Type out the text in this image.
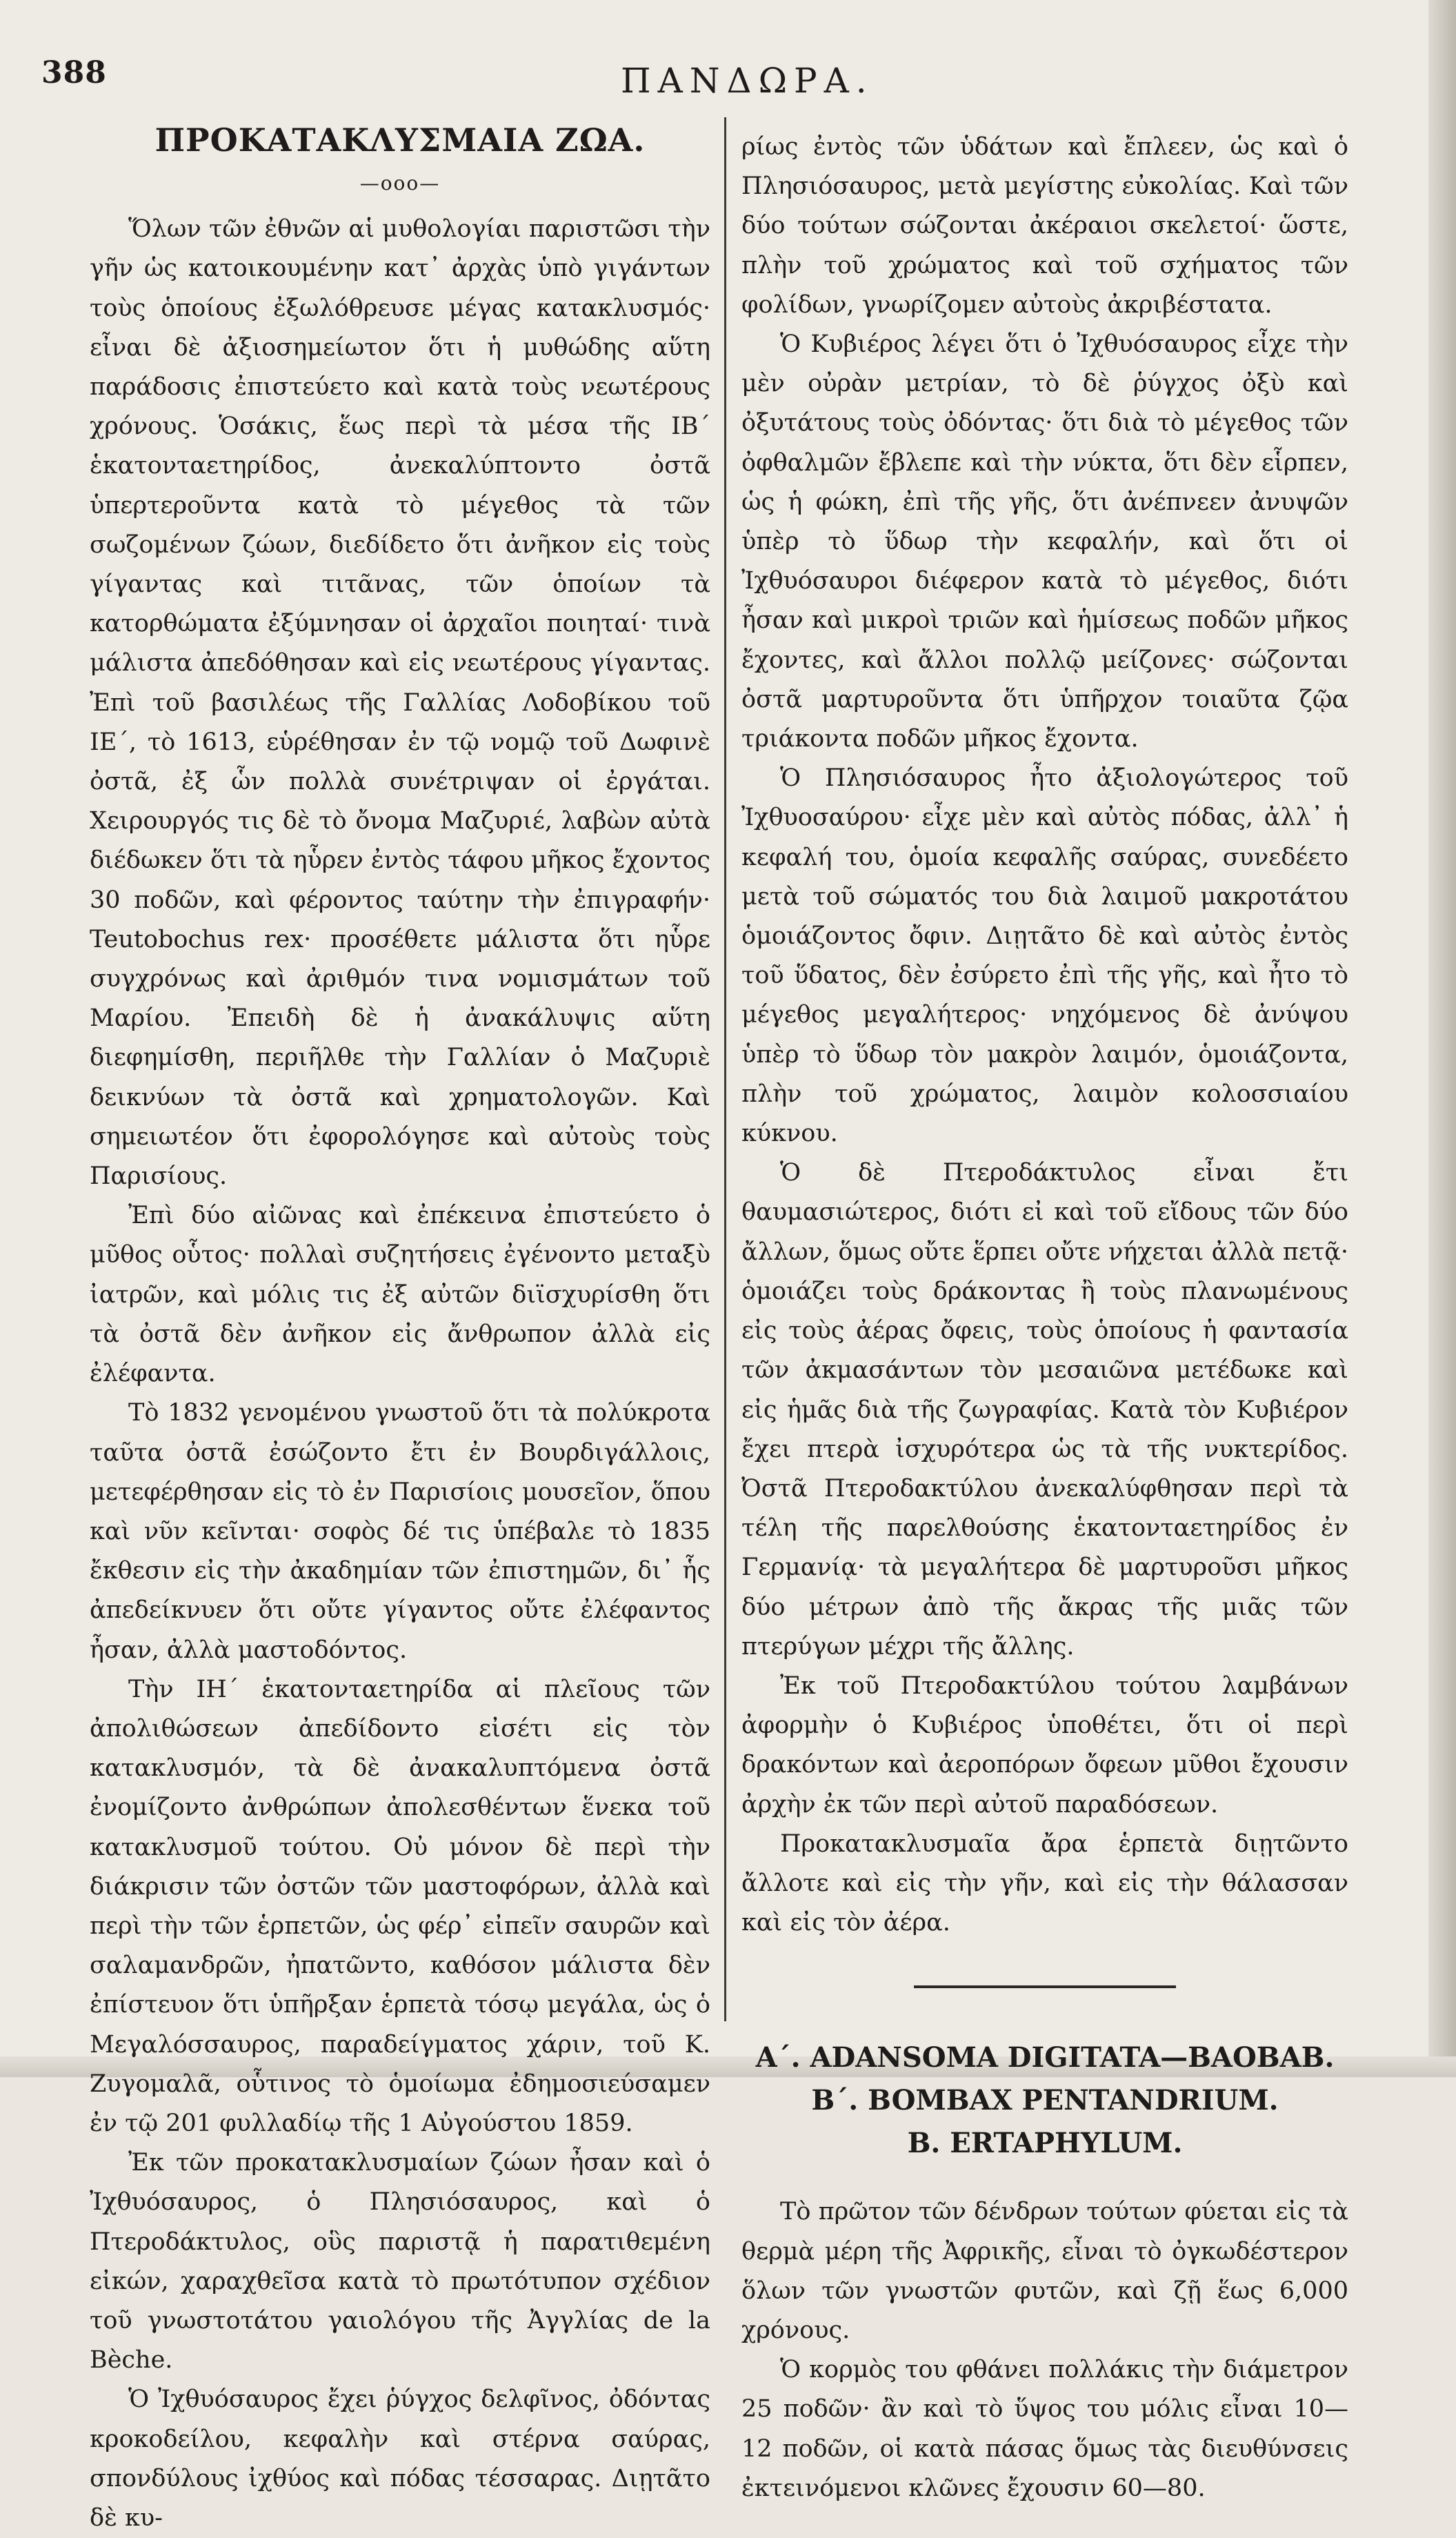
388	ΠΑΝΔΩΡΑ.
ΠΡΟΚΑΤΑΚΛΥΣΜΑΙΑ ΖΩΑ.
—οοο—

Ὅλων τῶν ἐθνῶν αἱ μυθολογίαι παριστῶσι τὴν γῆν ὡς κατοικουμένην κατ᾽ ἀρχὰς ὑπὸ γιγάντων τοὺς ὁποίους ἐξωλόθρευσε μέγας κατακλυσμός· εἶναι δὲ ἀξιοσημείωτον ὅτι ἡ μυθώδης αὕτη παράδοσις ἐπιστεύετο καὶ κατὰ τοὺς νεωτέρους χρόνους. Ὁσάκις, ἕως περὶ τὰ μέσα τῆς ΙΒ΄ ἑκατονταετηρίδος, ἀνεκαλύπτοντο ὀστᾶ ὑπερτεροῦντα κατὰ τὸ μέγεθος τὰ τῶν σωζομένων ζώων, διεδίδετο ὅτι ἀνῆκον εἰς τοὺς γίγαντας καὶ τιτᾶνας, τῶν ὁποίων τὰ κατορθώματα ἐξύμνησαν οἱ ἀρχαῖοι ποιηταί· τινὰ μάλιστα ἀπεδόθησαν καὶ εἰς νεωτέρους γίγαντας. Ἐπὶ τοῦ βασιλέως τῆς Γαλλίας Λοδοβίκου τοῦ ΙΕ΄, τὸ 1613, εὑρέθησαν ἐν τῷ νομῷ τοῦ Δωφινὲ ὀστᾶ, ἐξ ὧν πολλὰ συνέτριψαν οἱ ἐργάται. Χειρουργός τις δὲ τὸ ὄνομα Μαζυριέ, λαβὼν αὐτὰ διέδωκεν ὅτι τὰ ηὗρεν ἐντὸς τάφου μῆκος ἔχοντος 30 ποδῶν, καὶ φέροντος ταύτην τὴν ἐπιγραφήν· Teutobochus rex· προσέθετε μάλιστα ὅτι ηὗρε συγχρόνως καὶ ἀριθμόν τινα νομισμάτων τοῦ Μαρίου. Ἐπειδὴ δὲ ἡ ἀνακάλυψις αὕτη διεφημίσθη, περιῆλθε τὴν Γαλλίαν ὁ Μαζυριὲ δεικνύων τὰ ὀστᾶ καὶ χρηματολογῶν. Καὶ σημειωτέον ὅτι ἐφορολόγησε καὶ αὐτοὺς τοὺς Παρισίους.

Ἐπὶ δύο αἰῶνας καὶ ἐπέκεινα ἐπιστεύετο ὁ μῦθος οὗτος· πολλαὶ συζητήσεις ἐγένοντο μεταξὺ ἰατρῶν, καὶ μόλις τις ἐξ αὐτῶν διϊσχυρίσθη ὅτι τὰ ὀστᾶ δὲν ἀνῆκον εἰς ἄνθρωπον ἀλλὰ εἰς ἐλέφαντα.

Τὸ 1832 γενομένου γνωστοῦ ὅτι τὰ πολύκροτα ταῦτα ὀστᾶ ἐσώζοντο ἔτι ἐν Βουρδιγάλλοις, μετεφέρθησαν εἰς τὸ ἐν Παρισίοις μουσεῖον, ὅπου καὶ νῦν κεῖνται· σοφὸς δέ τις ὑπέβαλε τὸ 1835 ἔκθεσιν εἰς τὴν ἀκαδημίαν τῶν ἐπιστημῶν, δι᾽ ἧς ἀπεδείκνυεν ὅτι οὔτε γίγαντος οὔτε ἐλέφαντος ἦσαν, ἀλλὰ μαστοδόντος.

Τὴν ΙΗ΄ ἑκατονταετηρίδα αἱ πλεῖους τῶν ἀπολιθώσεων ἀπεδίδοντο εἰσέτι εἰς τὸν κατακλυσμόν, τὰ δὲ ἀνακαλυπτόμενα ὀστᾶ ἐνομίζοντο ἀνθρώπων ἀπολεσθέντων ἕνεκα τοῦ κατακλυσμοῦ τούτου. Οὐ μόνον δὲ περὶ τὴν διάκρισιν τῶν ὀστῶν τῶν μαστοφόρων, ἀλλὰ καὶ περὶ τὴν τῶν ἑρπετῶν, ὡς φέρ᾽ εἰπεῖν σαυρῶν καὶ σαλαμανδρῶν, ἠπατῶντο, καθόσον μάλιστα δὲν ἐπίστευον ὅτι ὑπῆρξαν ἑρπετὰ τόσῳ μεγάλα, ὡς ὁ Μεγαλόσσαυρος, παραδείγματος χάριν, τοῦ Κ. Ζυγομαλᾶ, οὗτινος τὸ ὁμοίωμα ἐδημοσιεύσαμεν ἐν τῷ 201 φυλλαδίῳ τῆς 1 Αὐγούστου 1859.

Ἐκ τῶν προκατακλυσμαίων ζώων ἦσαν καὶ ὁ Ἰχθυόσαυρος, ὁ Πλησιόσαυρος, καὶ ὁ Πτεροδάκτυλος, οὓς παριστᾷ ἡ παρατιθεμένη εἰκών, χαραχθεῖσα κατὰ τὸ πρωτότυπον σχέδιον τοῦ γνωστοτάτου γαιολόγου τῆς Ἀγγλίας de la Bèche.

Ὁ Ἰχθυόσαυρος ἔχει ῥύγχος δελφῖνος, ὀδόντας κροκοδείλου, κεφαλὴν καὶ στέρνα σαύρας, σπονδύλους ἰχθύος καὶ πόδας τέσσαρας. Διῃτᾶτο δὲ κυ-

ρίως ἐντὸς τῶν ὑδάτων καὶ ἔπλεεν, ὡς καὶ ὁ Πλησιόσαυρος, μετὰ μεγίστης εὐκολίας. Καὶ τῶν δύο τούτων σώζονται ἀκέραιοι σκελετοί· ὥστε, πλὴν τοῦ χρώματος καὶ τοῦ σχήματος τῶν φολίδων, γνωρίζομεν αὐτοὺς ἀκριβέστατα.

Ὁ Κυβιέρος λέγει ὅτι ὁ Ἰχθυόσαυρος εἶχε τὴν μὲν οὐρὰν μετρίαν, τὸ δὲ ῥύγχος ὀξὺ καὶ ὀξυτάτους τοὺς ὀδόντας· ὅτι διὰ τὸ μέγεθος τῶν ὀφθαλμῶν ἔβλεπε καὶ τὴν νύκτα, ὅτι δὲν εἷρπεν, ὡς ἡ φώκη, ἐπὶ τῆς γῆς, ὅτι ἀνέπνεεν ἀνυψῶν ὑπὲρ τὸ ὕδωρ τὴν κεφαλήν, καὶ ὅτι οἱ Ἰχθυόσαυροι διέφερον κατὰ τὸ μέγεθος, διότι ἦσαν καὶ μικροὶ τριῶν καὶ ἡμίσεως ποδῶν μῆκος ἔχοντες, καὶ ἄλλοι πολλῷ μείζονες· σώζονται ὀστᾶ μαρτυροῦντα ὅτι ὑπῆρχον τοιαῦτα ζῷα τριάκοντα ποδῶν μῆκος ἔχοντα.

Ὁ Πλησιόσαυρος ἦτο ἀξιολογώτερος τοῦ Ἰχθυοσαύρου· εἶχε μὲν καὶ αὐτὸς πόδας, ἀλλ᾽ ἡ κεφαλή του, ὁμοία κεφαλῆς σαύρας, συνεδέετο μετὰ τοῦ σώματός του διὰ λαιμοῦ μακροτάτου ὁμοιάζοντος ὄφιν. Διῃτᾶτο δὲ καὶ αὐτὸς ἐντὸς τοῦ ὕδατος, δὲν ἐσύρετο ἐπὶ τῆς γῆς, καὶ ἦτο τὸ μέγεθος μεγαλήτερος· νηχόμενος δὲ ἀνύψου ὑπὲρ τὸ ὕδωρ τὸν μακρὸν λαιμόν, ὁμοιάζοντα, πλὴν τοῦ χρώματος, λαιμὸν κολοσσιαίου κύκνου.

Ὁ δὲ Πτεροδάκτυλος εἶναι ἔτι θαυμασιώτερος, διότι εἰ καὶ τοῦ εἴδους τῶν δύο ἄλλων, ὅμως οὔτε ἕρπει οὔτε νήχεται ἀλλὰ πετᾷ· ὁμοιάζει τοὺς δράκοντας ἢ τοὺς πλανωμένους εἰς τοὺς ἀέρας ὄφεις, τοὺς ὁποίους ἡ φαντασία τῶν ἀκμασάντων τὸν μεσαιῶνα μετέδωκε καὶ εἰς ἡμᾶς διὰ τῆς ζωγραφίας. Κατὰ τὸν Κυβιέρον ἔχει πτερὰ ἰσχυρότερα ὡς τὰ τῆς νυκτερίδος. Ὀστᾶ Πτεροδακτύλου ἀνεκαλύφθησαν περὶ τὰ τέλη τῆς παρελθούσης ἑκατονταετηρίδος ἐν Γερμανίᾳ· τὰ μεγαλήτερα δὲ μαρτυροῦσι μῆκος δύο μέτρων ἀπὸ τῆς ἄκρας τῆς μιᾶς τῶν πτερύγων μέχρι τῆς ἄλλης.

Ἐκ τοῦ Πτεροδακτύλου τούτου λαμβάνων ἀφορμὴν ὁ Κυβιέρος ὑποθέτει, ὅτι οἱ περὶ δρακόντων καὶ ἀεροπόρων ὄφεων μῦθοι ἔχουσιν ἀρχὴν ἐκ τῶν περὶ αὐτοῦ παραδόσεων.

Προκατακλυσμαῖα ἄρα ἑρπετὰ διῃτῶντο ἄλλοτε καὶ εἰς τὴν γῆν, καὶ εἰς τὴν θάλασσαν καὶ εἰς τὸν ἀέρα.

Α΄. ADANSOMA DIGITATA—BAOBAB.
Β΄. BOMBAX PENTANDRIUM.
B. ERTAPHYLUM.

Τὸ πρῶτον τῶν δένδρων τούτων φύεται εἰς τὰ θερμὰ μέρη τῆς Ἀφρικῆς, εἶναι τὸ ὀγκωδέστερον ὅλων τῶν γνωστῶν φυτῶν, καὶ ζῇ ἕως 6,000 χρόνους.

Ὁ κορμὸς του φθάνει πολλάκις τὴν διάμετρον 25 ποδῶν· ἂν καὶ τὸ ὕψος του μόλις εἶναι 10—12 ποδῶν, οἱ κατὰ πάσας ὅμως τὰς διευθύνσεις ἐκτεινόμενοι κλῶνες ἔχουσιν 60—80.
